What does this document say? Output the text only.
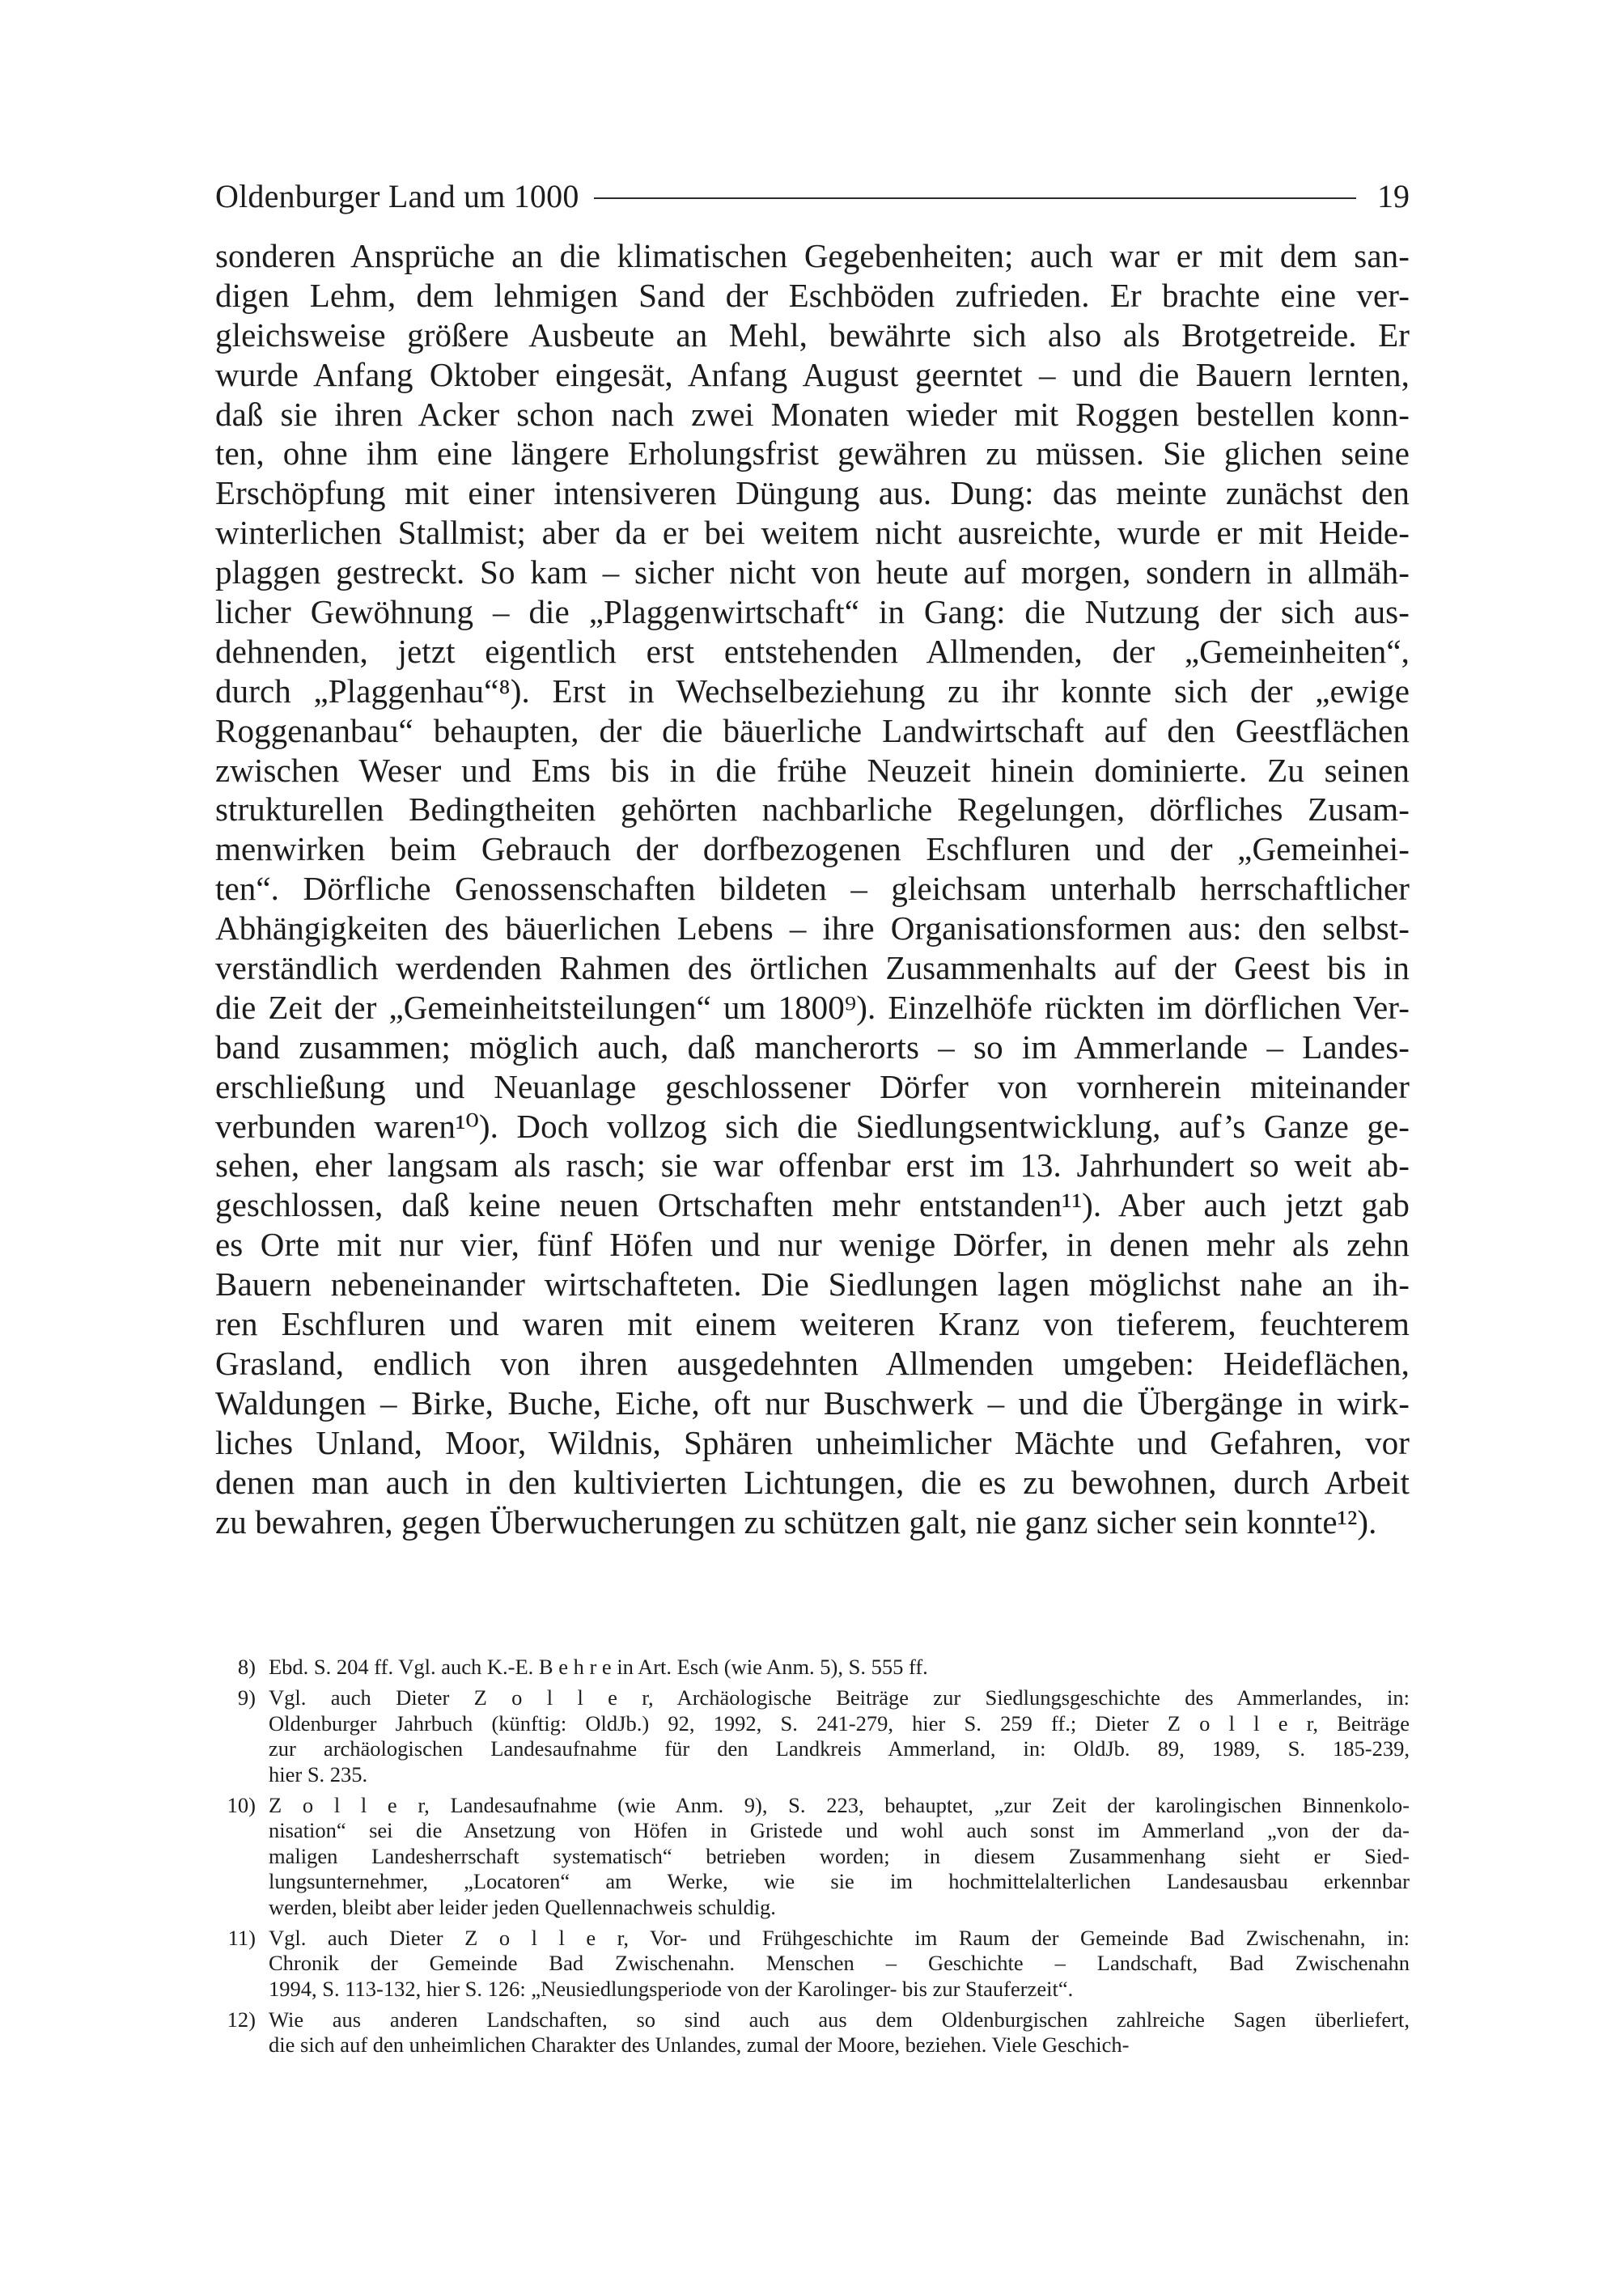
Oldenburger Land um 1000	19
sonderen Ansprüche an die klimatischen Gegebenheiten; auch war er mit dem san-
digen Lehm, dem lehmigen Sand der Eschböden zufrieden. Er brachte eine ver-
gleichsweise größere Ausbeute an Mehl, bewährte sich also als Brotgetreide. Er
wurde Anfang Oktober eingesät, Anfang August geerntet – und die Bauern lernten,
daß sie ihren Acker schon nach zwei Monaten wieder mit Roggen bestellen konn-
ten, ohne ihm eine längere Erholungsfrist gewähren zu müssen. Sie glichen seine
Erschöpfung mit einer intensiveren Düngung aus. Dung: das meinte zunächst den
winterlichen Stallmist; aber da er bei weitem nicht ausreichte, wurde er mit Heide-
plaggen gestreckt. So kam – sicher nicht von heute auf morgen, sondern in allmäh-
licher Gewöhnung – die „Plaggenwirtschaft“ in Gang: die Nutzung der sich aus-
dehnenden, jetzt eigentlich erst entstehenden Allmenden, der „Gemeinheiten“,
durch „Plaggenhau“⁸). Erst in Wechselbeziehung zu ihr konnte sich der „ewige
Roggenanbau“ behaupten, der die bäuerliche Landwirtschaft auf den Geestflächen
zwischen Weser und Ems bis in die frühe Neuzeit hinein dominierte. Zu seinen
strukturellen Bedingtheiten gehörten nachbarliche Regelungen, dörfliches Zusam-
menwirken beim Gebrauch der dorfbezogenen Eschfluren und der „Gemeinhei-
ten“. Dörfliche Genossenschaften bildeten – gleichsam unterhalb herrschaftlicher
Abhängigkeiten des bäuerlichen Lebens – ihre Organisationsformen aus: den selbst-
verständlich werdenden Rahmen des örtlichen Zusammenhalts auf der Geest bis in
die Zeit der „Gemeinheitsteilungen“ um 1800⁹). Einzelhöfe rückten im dörflichen Ver-
band zusammen; möglich auch, daß mancherorts – so im Ammerlande – Landes-
erschließung und Neuanlage geschlossener Dörfer von vornherein miteinander
verbunden waren¹⁰). Doch vollzog sich die Siedlungsentwicklung, auf’s Ganze ge-
sehen, eher langsam als rasch; sie war offenbar erst im 13. Jahrhundert so weit ab-
geschlossen, daß keine neuen Ortschaften mehr entstanden¹¹). Aber auch jetzt gab
es Orte mit nur vier, fünf Höfen und nur wenige Dörfer, in denen mehr als zehn
Bauern nebeneinander wirtschafteten. Die Siedlungen lagen möglichst nahe an ih-
ren Eschfluren und waren mit einem weiteren Kranz von tieferem, feuchterem
Grasland, endlich von ihren ausgedehnten Allmenden umgeben: Heideflächen,
Waldungen – Birke, Buche, Eiche, oft nur Buschwerk – und die Übergänge in wirk-
liches Unland, Moor, Wildnis, Sphären unheimlicher Mächte und Gefahren, vor
denen man auch in den kultivierten Lichtungen, die es zu bewohnen, durch Arbeit
zu bewahren, gegen Überwucherungen zu schützen galt, nie ganz sicher sein konnte¹²).
8) Ebd. S. 204 ff. Vgl. auch K.-E. B e h r e in Art. Esch (wie Anm. 5), S. 555 ff.
9) Vgl. auch Dieter Z o l l e r, Archäologische Beiträge zur Siedlungsgeschichte des Ammerlandes, in:
Oldenburger Jahrbuch (künftig: OldJb.) 92, 1992, S. 241-279, hier S. 259 ff.; Dieter Z o l l e r, Beiträge
zur archäologischen Landesaufnahme für den Landkreis Ammerland, in: OldJb. 89, 1989, S. 185-239,
hier S. 235.
10) Z o l l e r, Landesaufnahme (wie Anm. 9), S. 223, behauptet, „zur Zeit der karolingischen Binnenkolo-
nisation“ sei die Ansetzung von Höfen in Gristede und wohl auch sonst im Ammerland „von der da-
maligen Landesherrschaft systematisch“ betrieben worden; in diesem Zusammenhang sieht er Sied-
lungsunternehmer, „Locatoren“ am Werke, wie sie im hochmittelalterlichen Landesausbau erkennbar
werden, bleibt aber leider jeden Quellennachweis schuldig.
11) Vgl. auch Dieter Z o l l e r, Vor- und Frühgeschichte im Raum der Gemeinde Bad Zwischenahn, in:
Chronik der Gemeinde Bad Zwischenahn. Menschen – Geschichte – Landschaft, Bad Zwischenahn
1994, S. 113-132, hier S. 126: „Neusiedlungsperiode von der Karolinger- bis zur Stauferzeit“.
12) Wie aus anderen Landschaften, so sind auch aus dem Oldenburgischen zahlreiche Sagen überliefert,
die sich auf den unheimlichen Charakter des Unlandes, zumal der Moore, beziehen. Viele Geschich-
